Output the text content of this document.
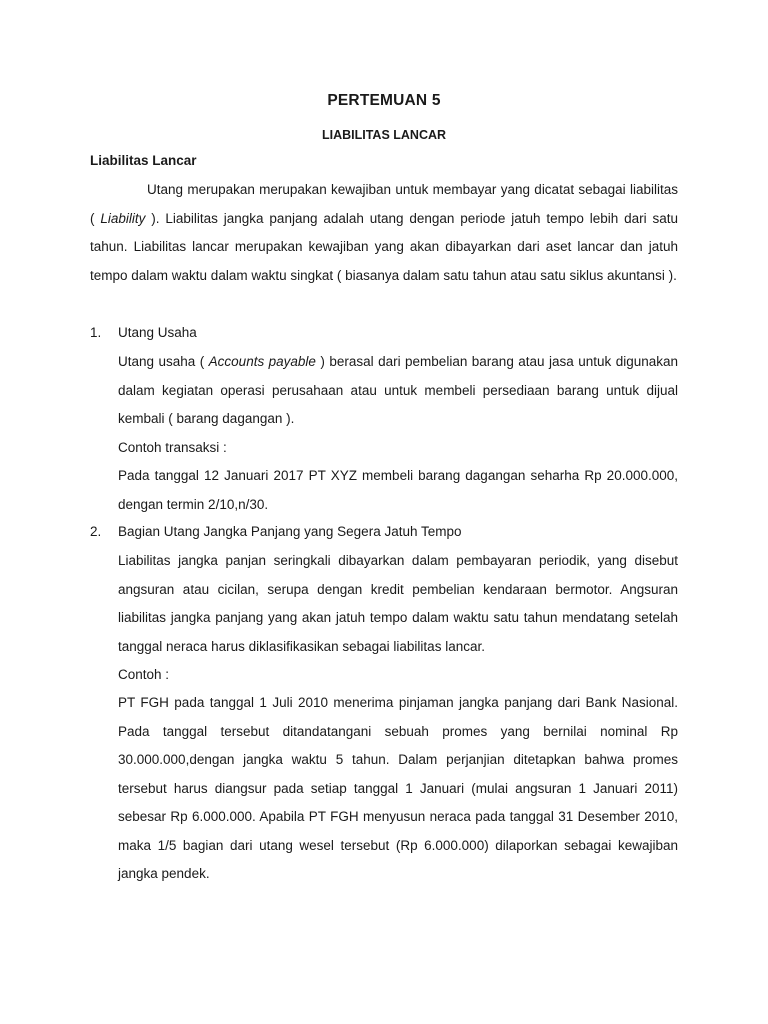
PERTEMUAN 5
LIABILITAS LANCAR
Liabilitas Lancar
Utang merupakan merupakan kewajiban untuk membayar yang dicatat sebagai liabilitas ( Liability ). Liabilitas jangka panjang adalah utang dengan periode jatuh tempo lebih dari satu tahun. Liabilitas lancar merupakan kewajiban yang akan dibayarkan dari aset lancar dan jatuh tempo dalam waktu dalam waktu singkat ( biasanya dalam satu tahun atau satu siklus akuntansi ).
1. Utang Usaha
Utang usaha ( Accounts payable ) berasal dari pembelian barang atau jasa untuk digunakan dalam kegiatan operasi perusahaan atau untuk membeli persediaan barang untuk dijual kembali ( barang dagangan ).
Contoh transaksi :
Pada tanggal 12 Januari 2017 PT XYZ membeli barang dagangan seharha Rp 20.000.000, dengan termin 2/10,n/30.
2. Bagian Utang Jangka Panjang yang Segera Jatuh Tempo
Liabilitas jangka panjan seringkali dibayarkan dalam pembayaran periodik, yang disebut angsuran atau cicilan, serupa dengan kredit pembelian kendaraan bermotor. Angsuran liabilitas jangka panjang yang akan jatuh tempo dalam waktu satu tahun mendatang setelah tanggal neraca harus diklasifikasikan sebagai liabilitas lancar.
Contoh :
PT FGH pada tanggal 1 Juli 2010 menerima pinjaman jangka panjang dari Bank Nasional. Pada tanggal tersebut ditandatangani sebuah promes yang bernilai nominal Rp 30.000.000,dengan jangka waktu 5 tahun. Dalam perjanjian ditetapkan bahwa promes tersebut harus diangsur pada setiap tanggal 1 Januari (mulai angsuran 1 Januari 2011) sebesar Rp 6.000.000. Apabila PT FGH menyusun neraca pada tanggal 31 Desember 2010, maka 1/5 bagian dari utang wesel tersebut (Rp 6.000.000) dilaporkan sebagai kewajiban jangka pendek.
